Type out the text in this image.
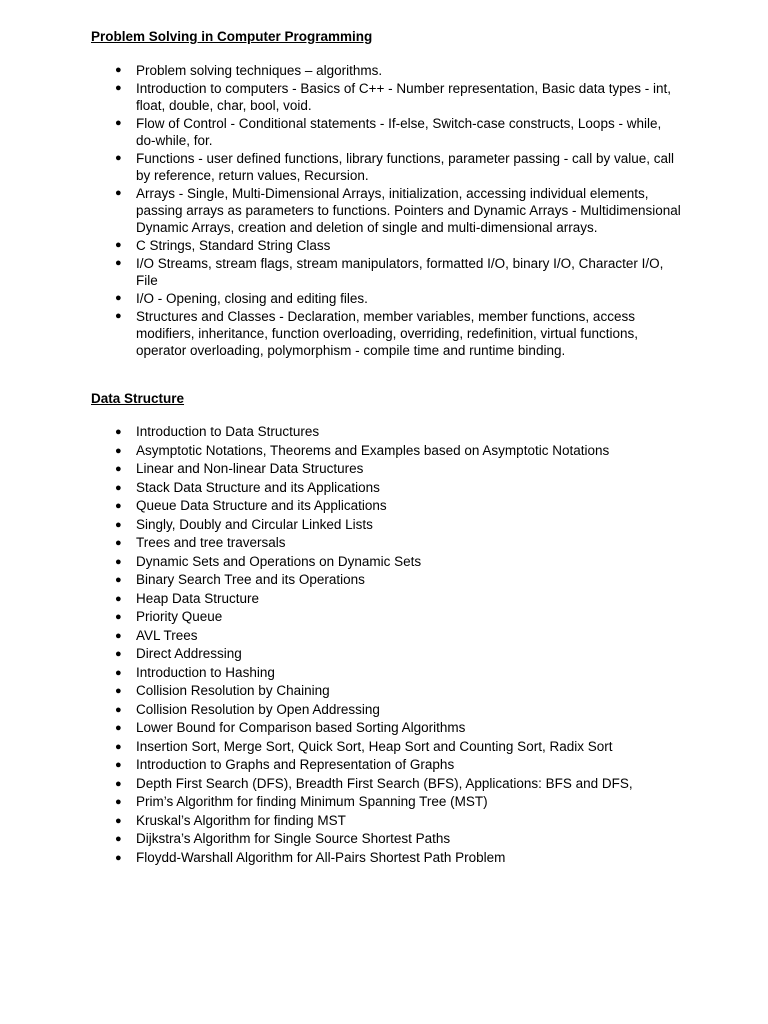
Problem Solving in Computer Programming
● Problem solving techniques – algorithms.
● Introduction to computers - Basics of C++ - Number representation, Basic data types - int, float, double, char, bool, void.
● Flow of Control - Conditional statements - If-else, Switch-case constructs, Loops - while, do-while, for.
● Functions - user defined functions, library functions, parameter passing - call by value, call by reference, return values, Recursion.
● Arrays - Single, Multi-Dimensional Arrays, initialization, accessing individual elements, passing arrays as parameters to functions. Pointers and Dynamic Arrays - Multidimensional Dynamic Arrays, creation and deletion of single and multi-dimensional arrays.
● C Strings, Standard String Class
● I/O Streams, stream flags, stream manipulators, formatted I/O, binary I/O, Character I/O, File
● I/O - Opening, closing and editing files.
● Structures and Classes - Declaration, member variables, member functions, access modifiers, inheritance, function overloading, overriding, redefinition, virtual functions, operator overloading, polymorphism - compile time and runtime binding.
Data Structure
● Introduction to Data Structures
● Asymptotic Notations, Theorems and Examples based on Asymptotic Notations
● Linear and Non-linear Data Structures
● Stack Data Structure and its Applications
● Queue Data Structure and its Applications
● Singly, Doubly and Circular Linked Lists
● Trees and tree traversals
● Dynamic Sets and Operations on Dynamic Sets
● Binary Search Tree and its Operations
● Heap Data Structure
● Priority Queue
● AVL Trees
● Direct Addressing
● Introduction to Hashing
● Collision Resolution by Chaining
● Collision Resolution by Open Addressing
● Lower Bound for Comparison based Sorting Algorithms
● Insertion Sort, Merge Sort, Quick Sort, Heap Sort and Counting Sort, Radix Sort
● Introduction to Graphs and Representation of Graphs
● Depth First Search (DFS), Breadth First Search (BFS), Applications: BFS and DFS,
● Prim’s Algorithm for finding Minimum Spanning Tree (MST)
● Kruskal’s Algorithm for finding MST
● Dijkstra’s Algorithm for Single Source Shortest Paths
● Floydd-Warshall Algorithm for All-Pairs Shortest Path Problem
